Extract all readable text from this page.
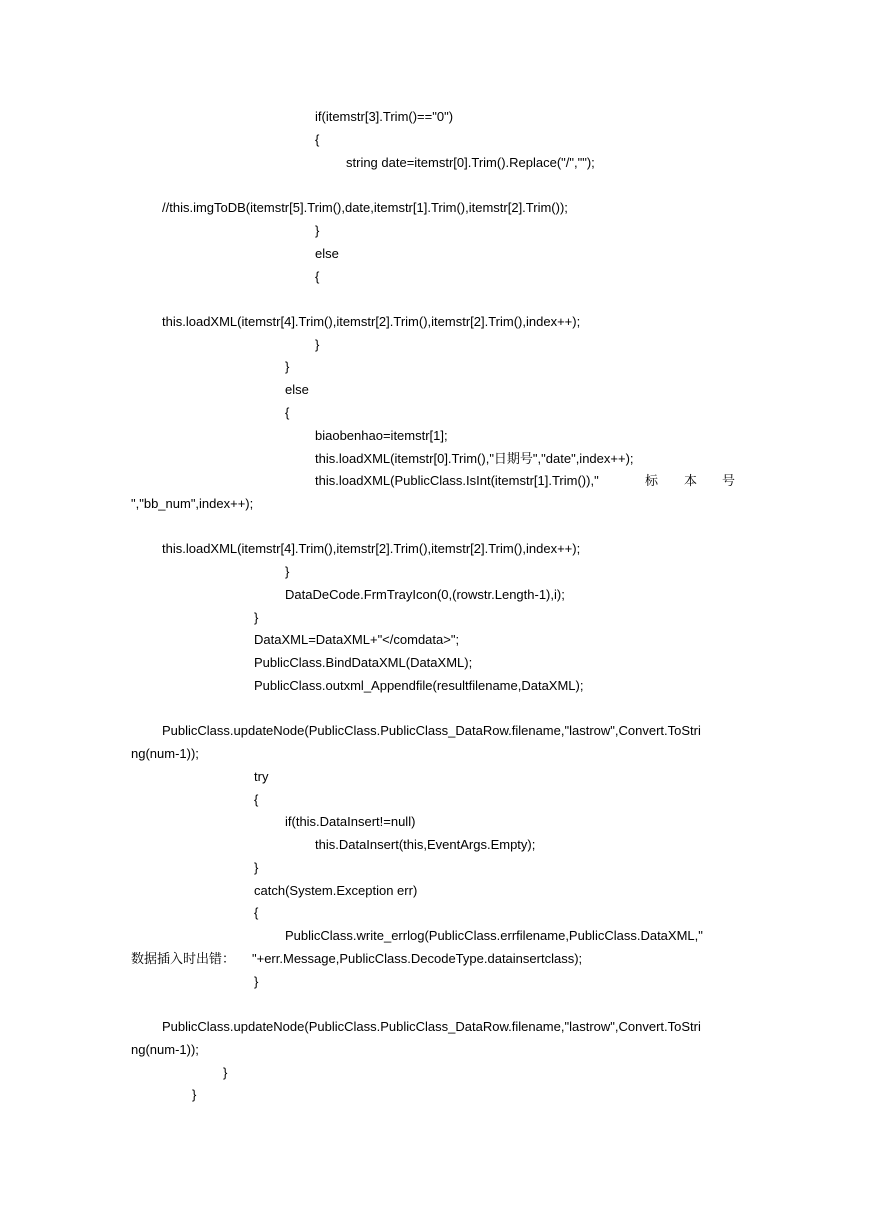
if(itemstr[3].Trim()=="0")
{
string date=itemstr[0].Trim().Replace("/","");
//this.imgToDB(itemstr[5].Trim(),date,itemstr[1].Trim(),itemstr[2].Trim());
}
else
{
this.loadXML(itemstr[4].Trim(),itemstr[2].Trim(),itemstr[2].Trim(),index++);
}
}
else
{
biaobenhao=itemstr[1];
this.loadXML(itemstr[0].Trim(),"日期号","date",index++);
this.loadXML(PublicClass.IsInt(itemstr[1].Trim()),"	标 本 号
","bb_num",index++);
this.loadXML(itemstr[4].Trim(),itemstr[2].Trim(),itemstr[2].Trim(),index++);
}
DataDeCode.FrmTrayIcon(0,(rowstr.Length-1),i);
}
DataXML=DataXML+"</comdata>";
PublicClass.BindDataXML(DataXML);
PublicClass.outxml_Appendfile(resultfilename,DataXML);
PublicClass.updateNode(PublicClass.PublicClass_DataRow.filename,"lastrow",Convert.ToStri
ng(num-1));
try
{
if(this.DataInsert!=null)
this.DataInsert(this,EventArgs.Empty);
}
catch(System.Exception err)
{
PublicClass.write_errlog(PublicClass.errfilename,PublicClass.DataXML,"
数据插入时出错： "+err.Message,PublicClass.DecodeType.datainsertclass);
}
PublicClass.updateNode(PublicClass.PublicClass_DataRow.filename,"lastrow",Convert.ToStri
ng(num-1));
}
}
